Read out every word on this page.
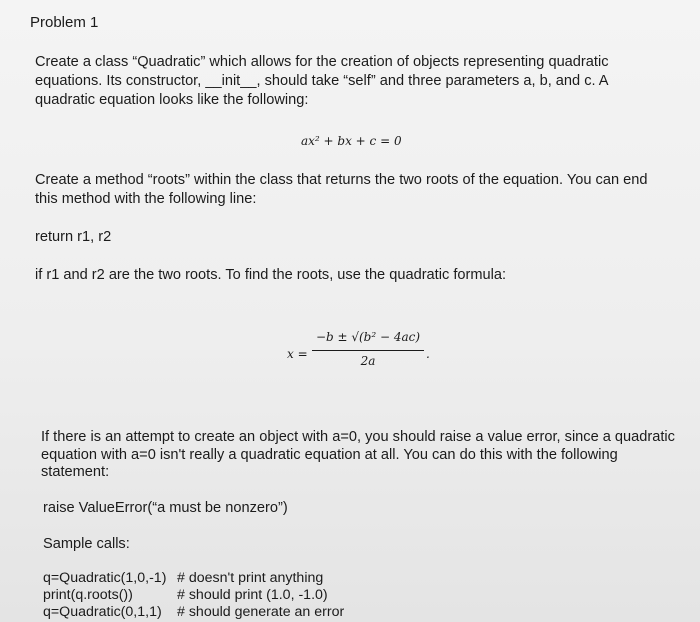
Problem 1
Create a class “Quadratic” which allows for the creation of objects representing quadratic
equations. Its constructor, __init__, should take “self” and three parameters a, b, and c. A
quadratic equation looks like the following:
ax² + bx + c = 0
Create a method “roots” within the class that returns the two roots of the equation. You can end
this method with the following line:
return r1, r2
if r1 and r2 are the two roots. To find the roots, use the quadratic formula:
x =
−b ± √(b² − 4ac)
2a	.
If there is an attempt to create an object with a=0, you should raise a value error, since a quadratic
equation with a=0 isn't really a quadratic equation at all. You can do this with the following
statement:
raise ValueError(“a must be nonzero”)
Sample calls:
q=Quadratic(1,0,-1) # doesn't print anything
print(q.roots())	# should print (1.0, -1.0)
q=Quadratic(0,1,1) # should generate an error
